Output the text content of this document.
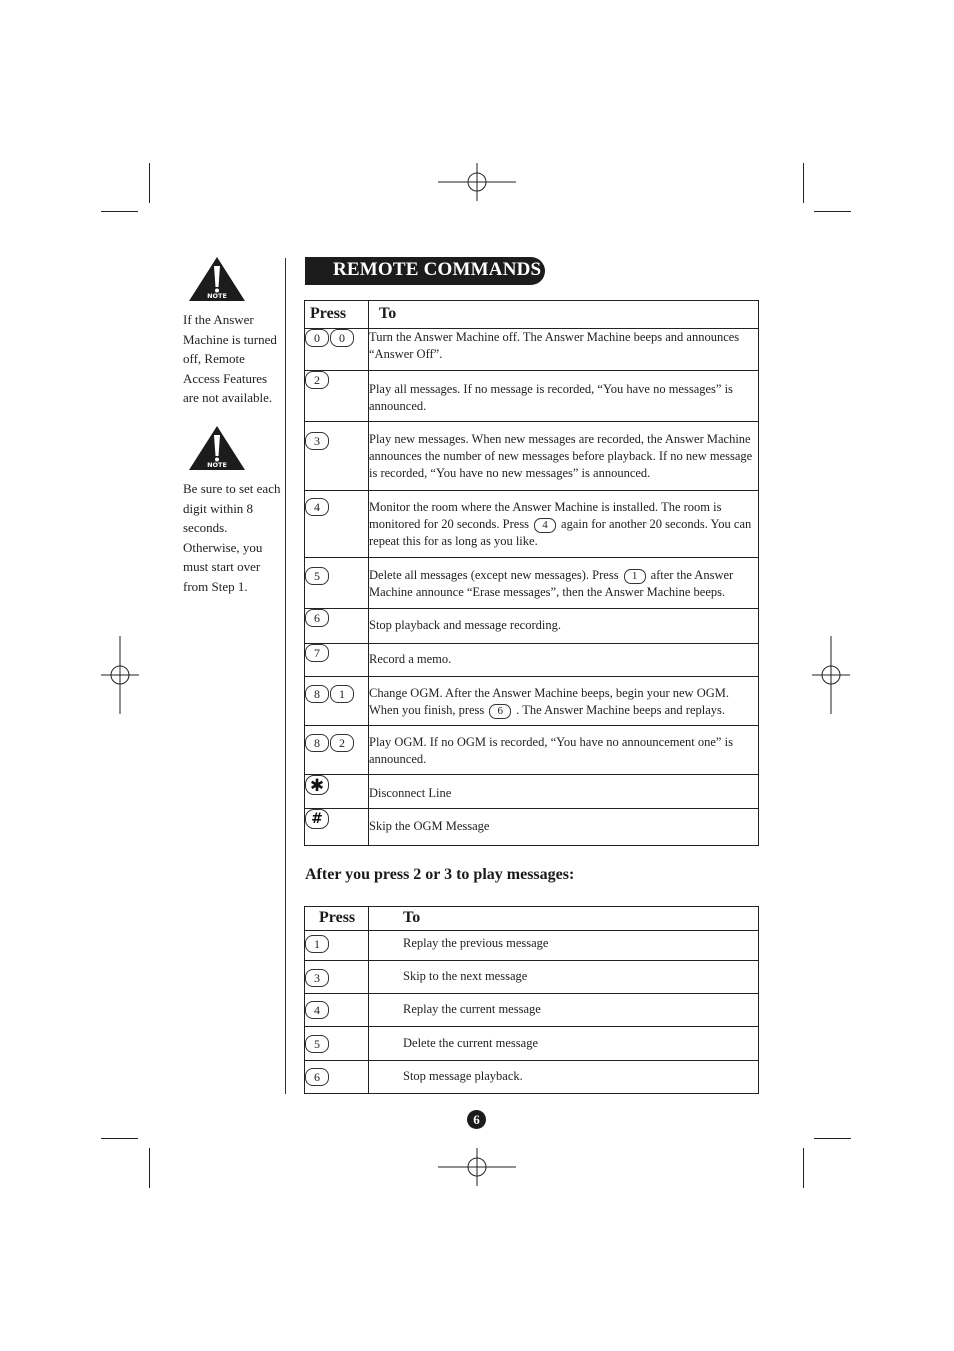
NOTE
If the Answer Machine is turned off, Remote Access Features are not available.
NOTE
Be sure to set each digit within 8 seconds. Otherwise, you must start over from Step 1.
REMOTE COMMANDS
Press	To
0 0	Turn the Answer Machine off. The Answer Machine beeps and announces “Answer Off”.
2	Play all messages. If no message is recorded, “You have no messages” is announced.
3	Play new messages. When new messages are recorded, the Answer Machine announces the number of new messages before playback. If no new message is recorded, “You have no new messages” is announced.
4	Monitor the room where the Answer Machine is installed. The room is monitored for 20 seconds. Press 4 again for another 20 seconds. You can repeat this for as long as you like.
5	Delete all messages (except new messages). Press 1 after the Answer Machine announce “Erase messages”, then the Answer Machine beeps.
6	Stop playback and message recording.
7	Record a memo.
8 1	Change OGM. After the Answer Machine beeps, begin your new OGM. When you finish, press 6 . The Answer Machine beeps and replays.
8 2	Play OGM. If no OGM is recorded, “You have no announcement one” is announced.
✱	Disconnect Line
#	Skip the OGM Message
After you press 2 or 3 to play messages:
Press	To
1	Replay the previous message
3	Skip to the next message
4	Replay the current message
5	Delete the current message
6	Stop message playback.
6
